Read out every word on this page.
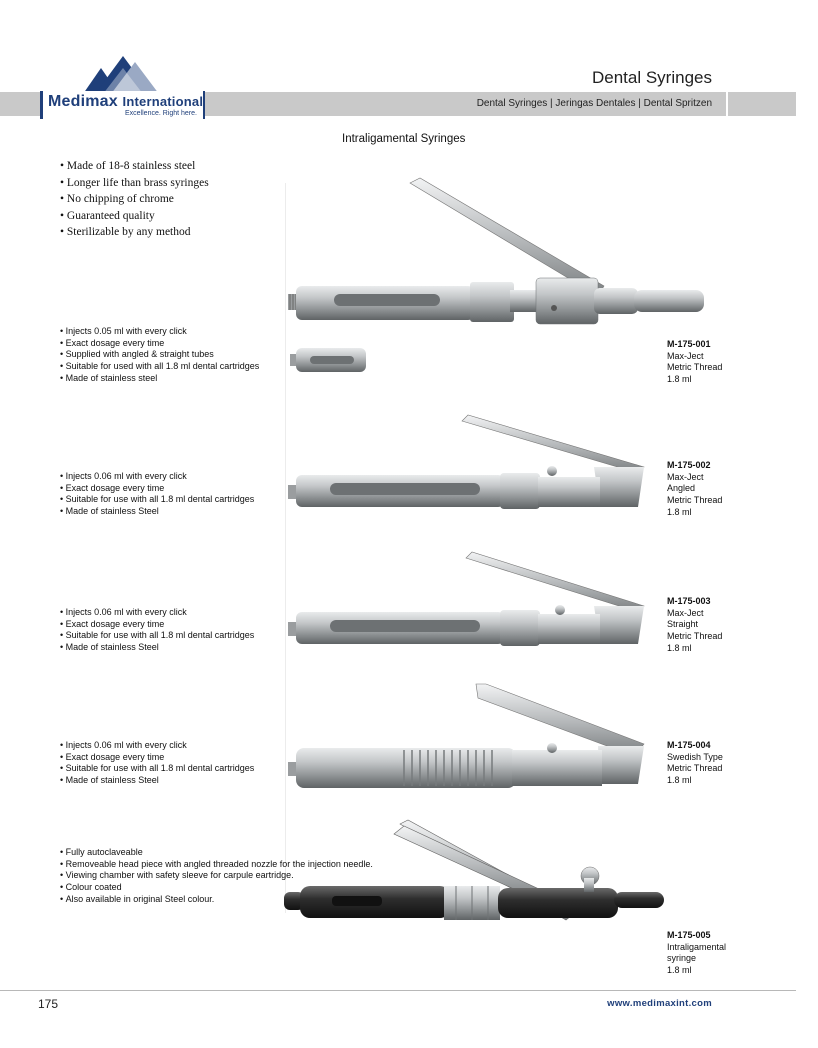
Medimax International
Excellence. Right here.
Dental Syringes
Dental Syringes | Jeringas Dentales | Dental Spritzen
Intraligamental Syringes
• Made of 18-8 stainless steel
• Longer life than brass syringes
• No chipping of chrome
• Guaranteed quality
• Sterilizable by any method
• Injects 0.05 ml with every click
• Exact dosage every time
• Supplied with angled & straight tubes
• Suitable for used with all 1.8 ml dental cartridges
• Made of stainless steel
M-175-001
Max-Ject
Metric Thread
1.8 ml
• Injects 0.06 ml with every click
• Exact dosage every time
• Suitable for use with all 1.8 ml dental cartridges
• Made of stainless Steel
M-175-002
Max-Ject
Angled
Metric Thread
1.8 ml
• Injects 0.06 ml with every click
• Exact dosage every time
• Suitable for use with all 1.8 ml dental cartridges
• Made of stainless Steel
M-175-003
Max-Ject
Straight
Metric Thread
1.8 ml
• Injects 0.06 ml with every click
• Exact dosage every time
• Suitable for use with all 1.8 ml dental cartridges
• Made of stainless Steel
M-175-004
Swedish Type
Metric Thread
1.8 ml
• Fully autoclaveable
• Removeable head piece with angled threaded nozzle for the injection needle.
• Viewing chamber with safety sleeve for carpule eartridge.
• Colour coated
• Also available in original Steel colour.
M-175-005
Intraligamental
syringe
1.8 ml
175	www.medimaxint.com
